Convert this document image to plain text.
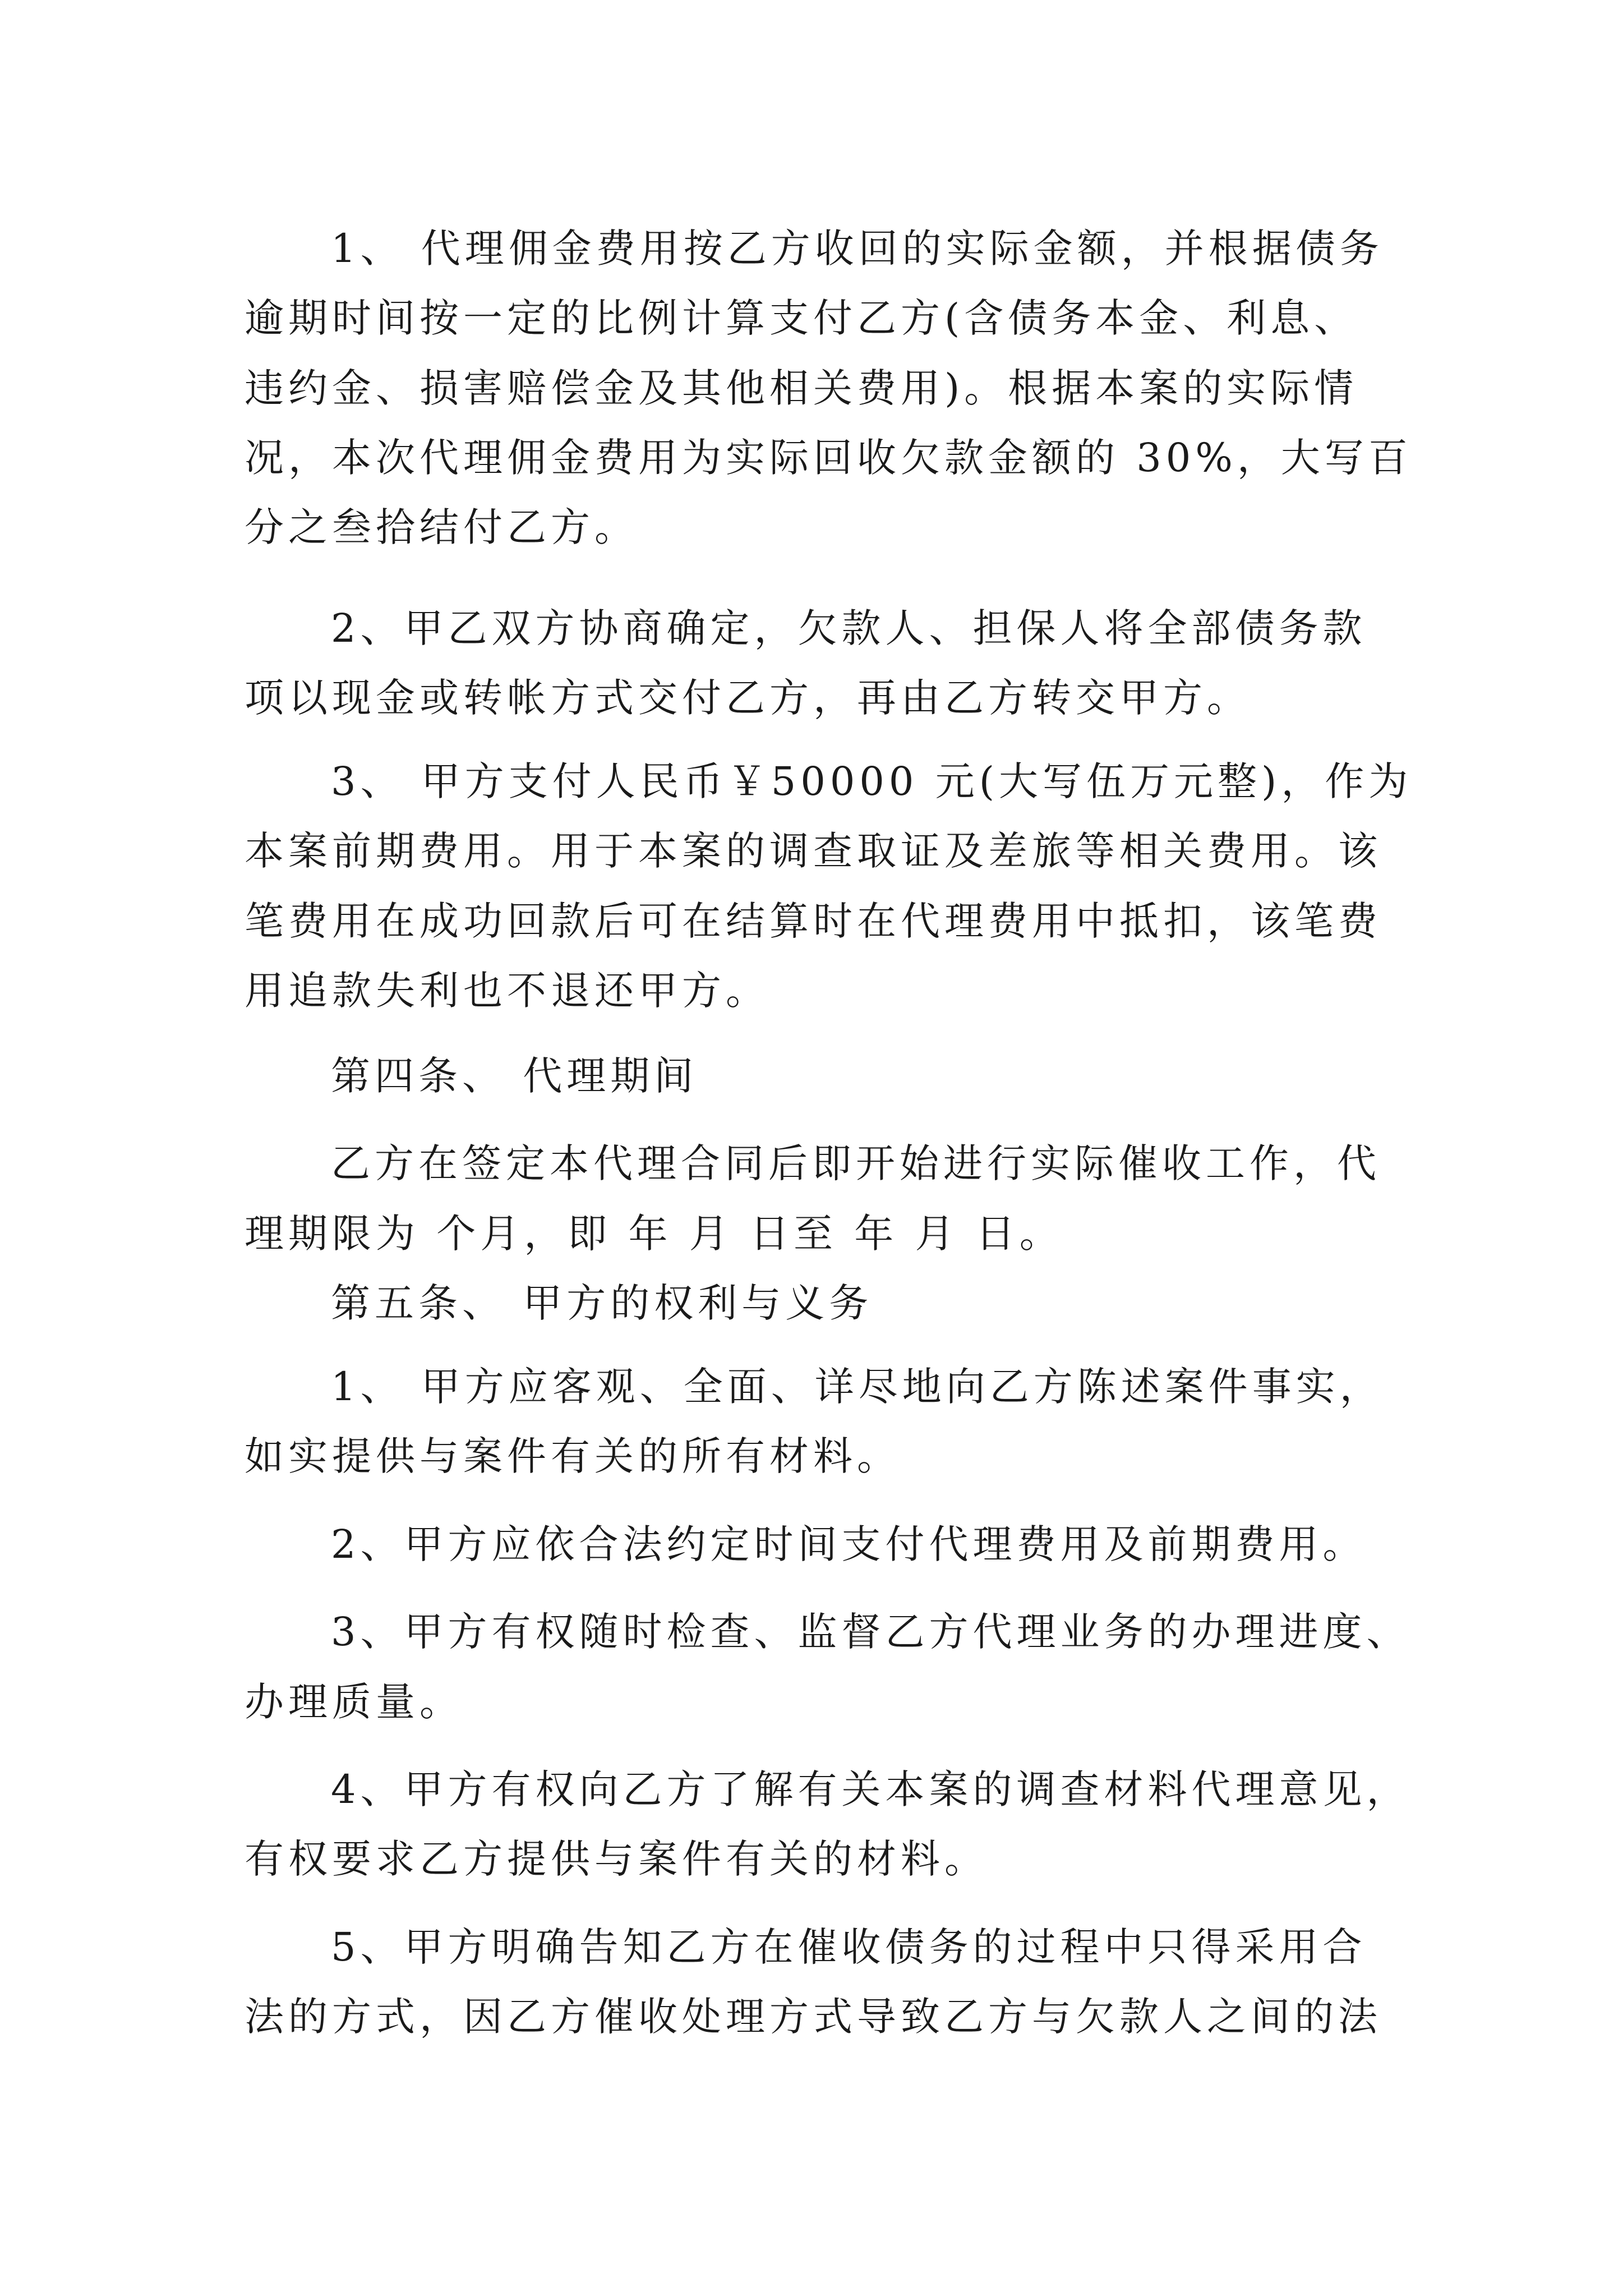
1、 代理佣金费用按乙方收回的实际金额，并根据债务
逾期时间按一定的比例计算支付乙方(含债务本金、利息、
违约金、损害赔偿金及其他相关费用)。根据本案的实际情
况，本次代理佣金费用为实际回收欠款金额的 30%，大写百
分之叁拾结付乙方。
2、甲乙双方协商确定，欠款人、担保人将全部债务款
项以现金或转帐方式交付乙方，再由乙方转交甲方。
3、 甲方支付人民币￥50000 元(大写伍万元整)，作为
本案前期费用。用于本案的调查取证及差旅等相关费用。该
笔费用在成功回款后可在结算时在代理费用中抵扣，该笔费
用追款失利也不退还甲方。
第四条、 代理期间
乙方在签定本代理合同后即开始进行实际催收工作，代
理期限为 个月，即 年 月 日至 年 月 日。
第五条、 甲方的权利与义务
1、 甲方应客观、全面、详尽地向乙方陈述案件事实，
如实提供与案件有关的所有材料。
2、甲方应依合法约定时间支付代理费用及前期费用。
3、甲方有权随时检查、监督乙方代理业务的办理进度、
办理质量。
4、甲方有权向乙方了解有关本案的调查材料代理意见，
有权要求乙方提供与案件有关的材料。
5、甲方明确告知乙方在催收债务的过程中只得采用合
法的方式，因乙方催收处理方式导致乙方与欠款人之间的法
